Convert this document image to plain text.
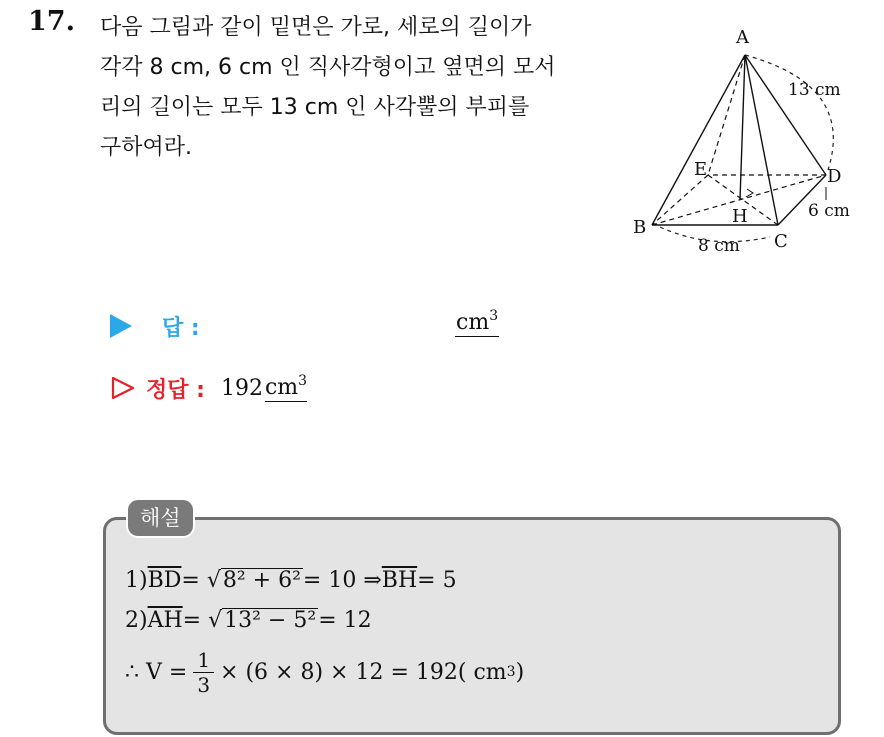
17. 다음 그림과 같이 밑면은 가로, 세로의 길이가
각각 8 cm, 6 cm 인 직사각형이고 옆면의 모서
리의 길이는 모두 13 cm 인 사각뿔의 부피를
구하여라.
A
B
C
D
E
H
13 cm
8 cm
6 cm
답 :	$cm^3$
정답 : 192 $cm^3$
해설
1) $\overline{BD}$ = √ 8² + 6² = 10 ⇒ $\overline{BH} = 5$
2) $\overline{AH}$ = √ 13² − 5² = 12
∴ $V = \frac{1}{3} \times (6 \times 8) \times 12 = 192$( cm 3 )
